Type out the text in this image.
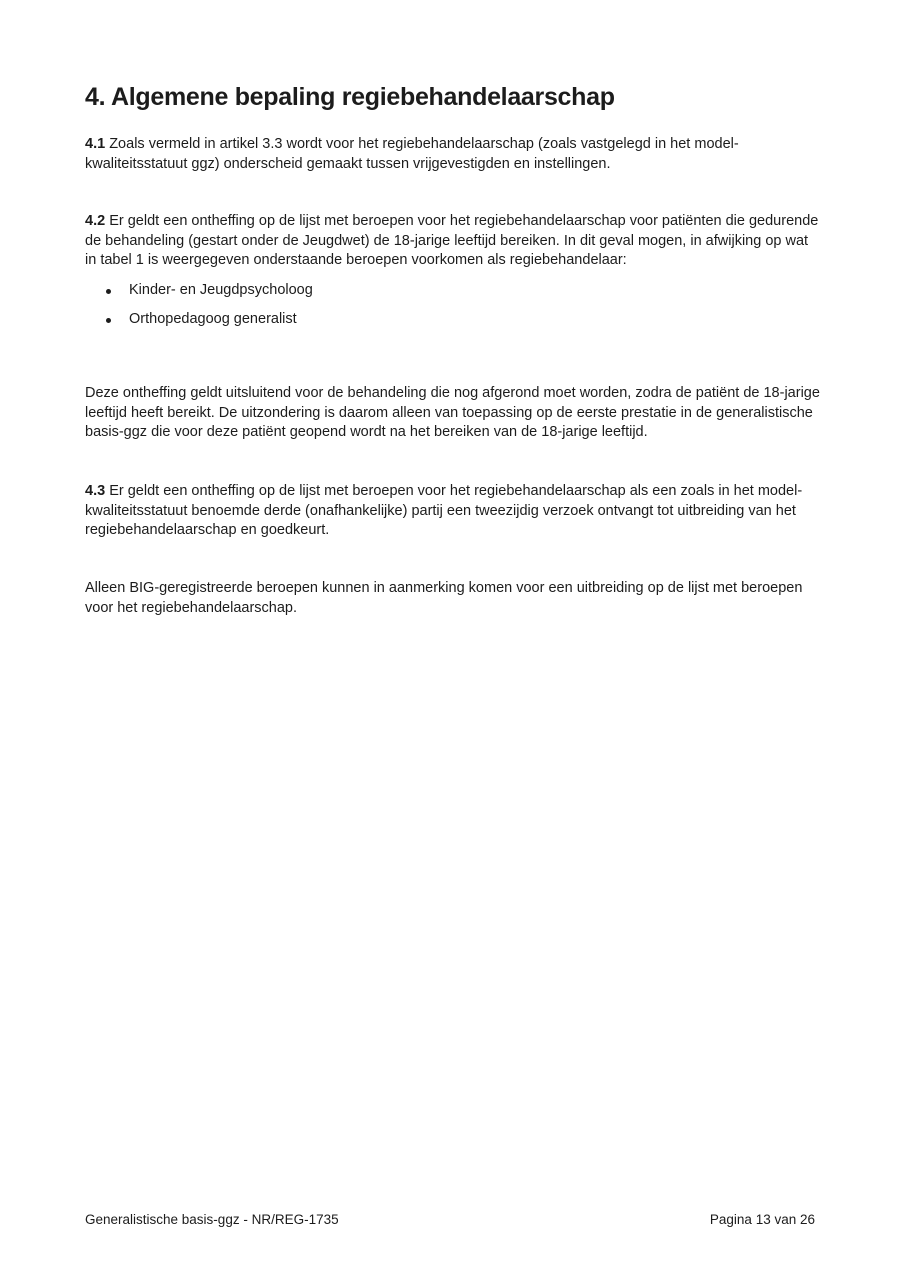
4. Algemene bepaling regiebehandelaarschap

4.1 Zoals vermeld in artikel 3.3 wordt voor het regiebehandelaarschap (zoals vastgelegd in het model-kwaliteitsstatuut ggz) onderscheid gemaakt tussen vrijgevestigden en instellingen.

4.2 Er geldt een ontheffing op de lijst met beroepen voor het regiebehandelaarschap voor patiënten die gedurende de behandeling (gestart onder de Jeugdwet) de 18-jarige leeftijd bereiken. In dit geval mogen, in afwijking op wat in tabel 1 is weergegeven onderstaande beroepen voorkomen als regiebehandelaar:

Kinder- en Jeugdpsycholoog
Orthopedagoog generalist

Deze ontheffing geldt uitsluitend voor de behandeling die nog afgerond moet worden, zodra de patiënt de 18-jarige leeftijd heeft bereikt. De uitzondering is daarom alleen van toepassing op de eerste prestatie in de generalistische basis-ggz die voor deze patiënt geopend wordt na het bereiken van de 18-jarige leeftijd.

4.3 Er geldt een ontheffing op de lijst met beroepen voor het regiebehandelaarschap als een zoals in het model-kwaliteitsstatuut benoemde derde (onafhankelijke) partij een tweezijdig verzoek ontvangt tot uitbreiding van het regiebehandelaarschap en goedkeurt.

Alleen BIG-geregistreerde beroepen kunnen in aanmerking komen voor een uitbreiding op de lijst met beroepen voor het regiebehandelaarschap.

Generalistische basis-ggz - NR/REG-1735	Pagina 13 van 26
